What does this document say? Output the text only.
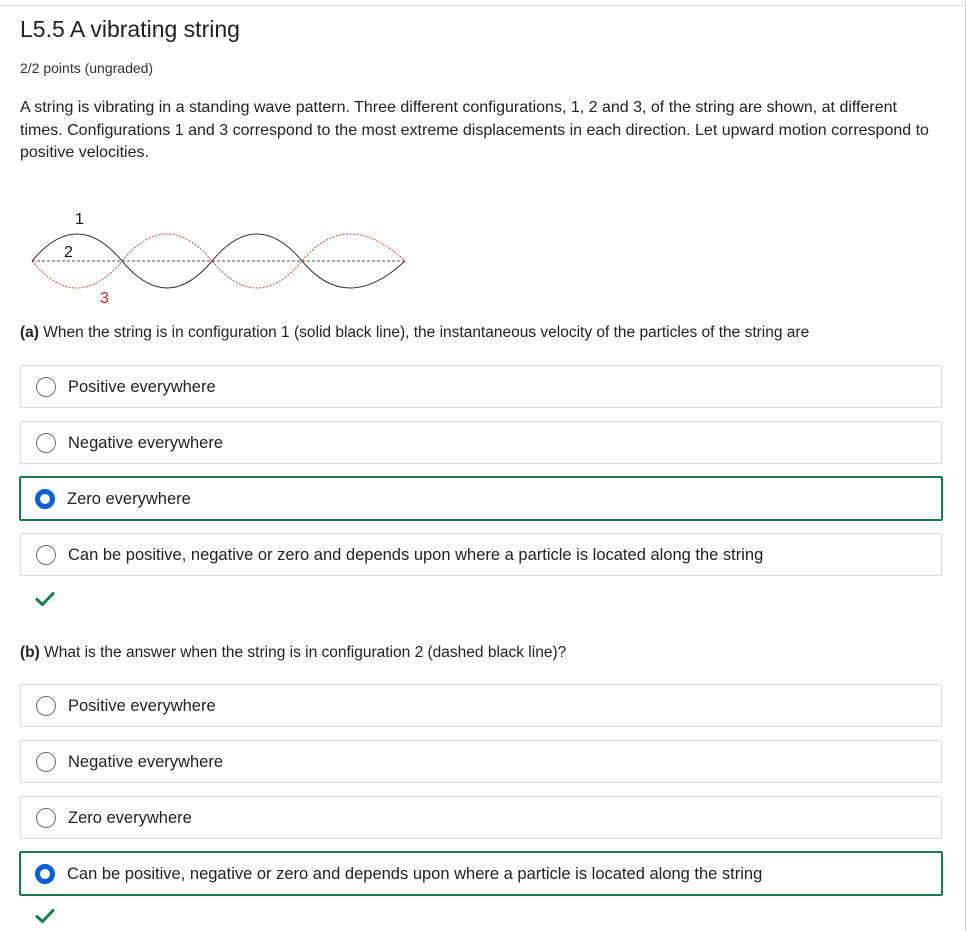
L5.5 A vibrating string
2/2 points (ungraded)

A string is vibrating in a standing wave pattern. Three different configurations, 1, 2 and 3, of the string are shown, at different times. Configurations 1 and 3 correspond to the most extreme displacements in each direction. Let upward motion correspond to positive velocities.

1
2
3

(a) When the string is in configuration 1 (solid black line), the instantaneous velocity of the particles of the string are

Positive everywhere
Negative everywhere
Zero everywhere
Can be positive, negative or zero and depends upon where a particle is located along the string

(b) What is the answer when the string is in configuration 2 (dashed black line)?

Positive everywhere
Negative everywhere
Zero everywhere
Can be positive, negative or zero and depends upon where a particle is located along the string
